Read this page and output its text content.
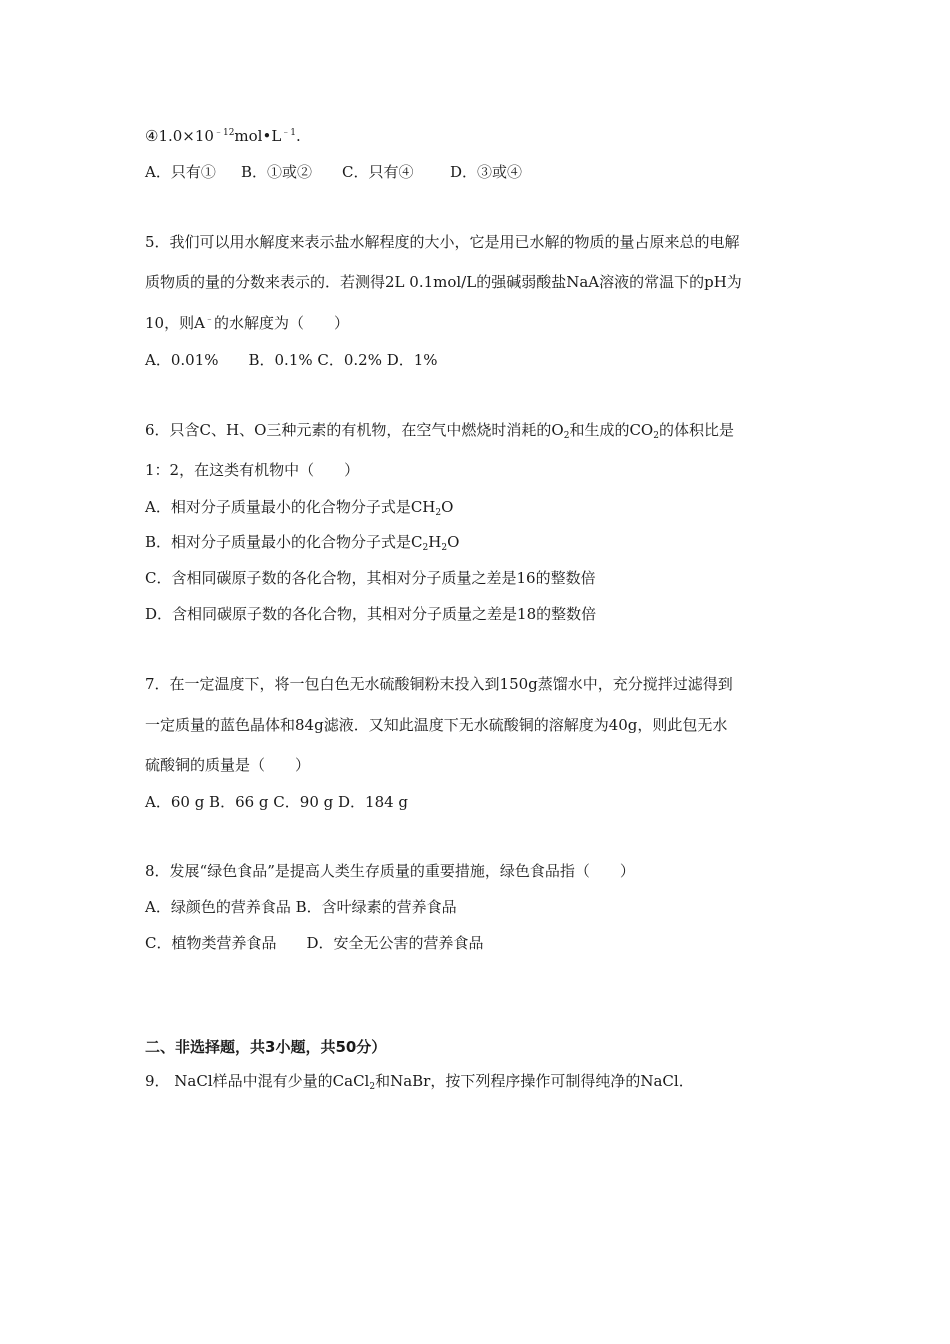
$④1.0\times 10^{﹣12}mol•L^{﹣1}$.
A．只有① B．①或② C．只有④ D．③或④
5．我们可以用水解度来表示盐水解程度的大小，它是用已水解的物质的量占原来总的电解
质物质的量的分数来表示的．若测得2L 0.1mol/L的强碱弱酸盐NaA溶液的常温下的pH为
10，则A﹣的水解度为（　　）
A．0.01%　　B．0.1% C．0.2% D．1%
6．只含C、H、O三种元素的有机物，在空气中燃烧时消耗的$O_2$和生成的$CO_2$的体积比是
1：2，在这类有机物中（　　）
A．相对分子质量最小的化合物分子式是$CH_2O$
B．相对分子质量最小的化合物分子式是$C_2H_2O$
C．含相同碳原子数的各化合物，其相对分子质量之差是16的整数倍
D．含相同碳原子数的各化合物，其相对分子质量之差是18的整数倍
7．在一定温度下，将一包白色无水硫酸铜粉末投入到150g蒸馏水中，充分搅拌过滤得到
一定质量的蓝色晶体和84g滤液．又知此温度下无水硫酸铜的溶解度为40g，则此包无水
硫酸铜的质量是（　　）
A．60 g B．66 g C．90 g D．184 g
8．发展“绿色食品”是提高人类生存质量的重要措施，绿色食品指（　　）
A．绿颜色的营养食品 B．含叶绿素的营养食品
C．植物类营养食品　　D．安全无公害的营养食品
二、非选择题，共3小题，共50分）
9． NaCl样品中混有少量的CaCl$_2$和NaBr，按下列程序操作可制得纯净的NaCl．
